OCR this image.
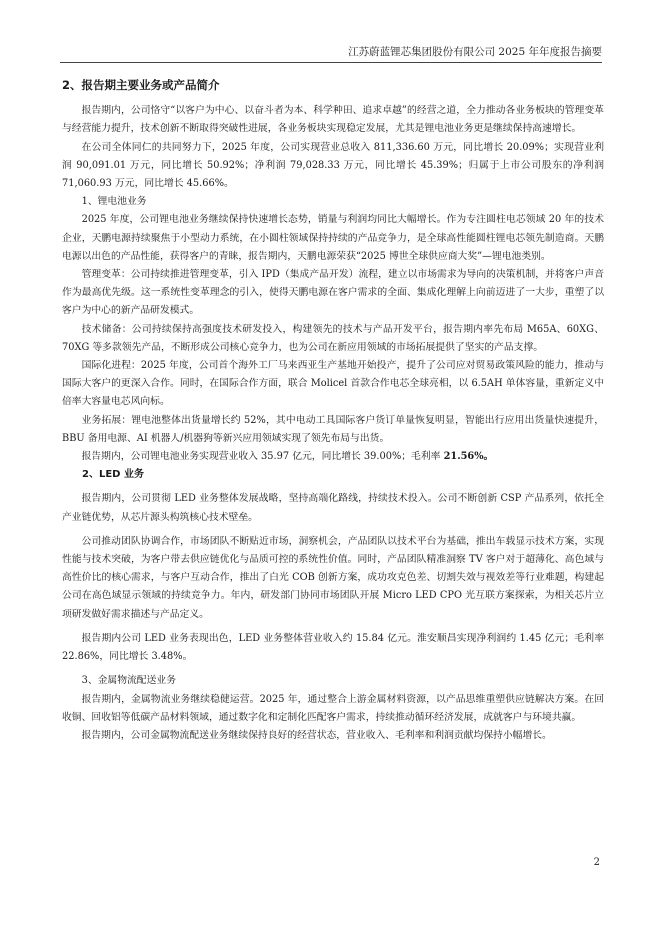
江苏蔚蓝锂芯集团股份有限公司 2025 年年度报告摘要
2、报告期主要业务或产品简介

报告期内，公司恪守“以客户为中心、以奋斗者为本、科学种田、追求卓越”的经营之道，全力推动各业务板块的管理变革与经营能力提升，技术创新不断取得突破性进展，各业务板块实现稳定发展，尤其是锂电池业务更是继续保持高速增长。

在公司全体同仁的共同努力下，2025 年度，公司实现营业总收入 811,336.60 万元，同比增长 20.09%；实现营业利润 90,091.01 万元，同比增长 50.92%；净利润 79,028.33 万元，同比增长 45.39%；归属于上市公司股东的净利润 71,060.93 万元，同比增长 45.66%。

1、锂电池业务

2025 年度，公司锂电池业务继续保持快速增长态势，销量与利润均同比大幅增长。作为专注圆柱电芯领域 20 年的技术企业，天鹏电源持续聚焦于小型动力系统，在小圆柱领域保持持续的产品竞争力，是全球高性能圆柱锂电芯领先制造商。天鹏电源以出色的产品性能，获得客户的青睐，报告期内，天鹏电源荣获“2025 博世全球供应商大奖”—锂电池类别。

管理变革：公司持续推进管理变革，引入 IPD（集成产品开发）流程，建立以市场需求为导向的决策机制，并将客户声音作为最高优先级。这一系统性变革理念的引入，使得天鹏电源在客户需求的全面、集成化理解上向前迈进了一大步，重塑了以客户为中心的新产品研发模式。

技术储备：公司持续保持高强度技术研发投入，构建领先的技术与产品开发平台，报告期内率先布局 M65A、60XG、70XG 等多款领先产品，不断形成公司核心竞争力，也为公司在新应用领域的市场拓展提供了坚实的产品支撑。

国际化进程：2025 年度，公司首个海外工厂马来西亚生产基地开始投产，提升了公司应对贸易政策风险的能力，推动与国际大客户的更深入合作。同时，在国际合作方面，联合 Molicel 首款合作电芯全球亮相，以 6.5AH 单体容量，重新定义中倍率大容量电芯风向标。

业务拓展：锂电池整体出货量增长约 52%，其中电动工具国际客户货订单量恢复明显，智能出行应用出货量快速提升，BBU 备用电源、AI 机器人/机器狗等新兴应用领域实现了领先布局与出货。

报告期内，公司锂电池业务实现营业收入 35.97 亿元，同比增长 39.00%；毛利率 21.56%。

2、LED 业务

报告期内，公司贯彻 LED 业务整体发展战略，坚持高端化路线，持续技术投入。公司不断创新 CSP 产品系列，依托全产业链优势，从芯片源头构筑核心技术壁垒。

公司推动团队协调合作，市场团队不断贴近市场，洞察机会，产品团队以技术平台为基础，推出车载显示技术方案，实现性能与技术突破，为客户带去供应链优化与品质可控的系统性价值。同时，产品团队精准洞察 TV 客户对于超薄化、高色域与高性价比的核心需求，与客户互动合作，推出了白光 COB 创新方案，成功攻克色差、切割失效与视效差等行业难题，构建起公司在高色域显示领域的持续竞争力。年内，研发部门协同市场团队开展 Micro LED CPO 光互联方案探索，为相关芯片立项研发做好需求描述与产品定义。

报告期内公司 LED 业务表现出色，LED 业务整体营业收入约 15.84 亿元。淮安顺昌实现净利润约 1.45 亿元；毛利率 22.86%，同比增长 3.48%。

3、金属物流配送业务

报告期内，金属物流业务继续稳健运营。2025 年，通过整合上游金属材料资源，以产品思维重塑供应链解决方案。在回收铜、回收铝等低碳产品材料领域，通过数字化和定制化匹配客户需求，持续推动循环经济发展，成就客户与环境共赢。

报告期内，公司金属物流配送业务继续保持良好的经营状态，营业收入、毛利率和利润贡献均保持小幅增长。

2
